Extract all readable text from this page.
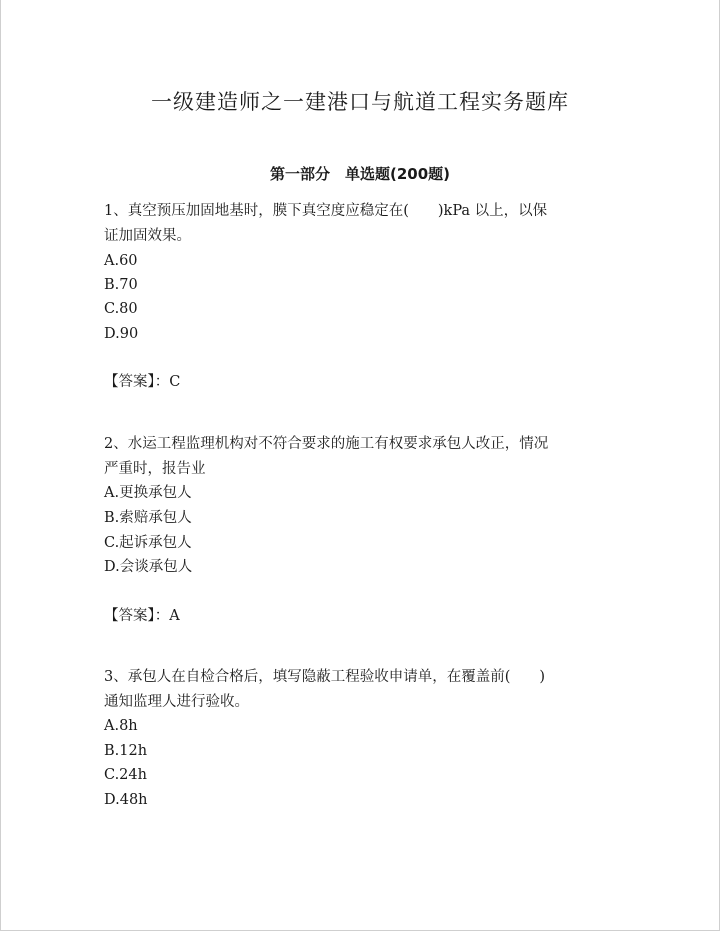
一级建造师之一建港口与航道工程实务题库
第一部分　单选题(200题)
1、真空预压加固地基时，膜下真空度应稳定在(　　)kPa 以上，以保
证加固效果。
A.60
B.70
C.80
D.90
【答案】：C
2、水运工程监理机构对不符合要求的施工有权要求承包人改正，情况
严重时，报告业
A.更换承包人
B.索赔承包人
C.起诉承包人
D.会谈承包人
【答案】：A
3、承包人在自检合格后，填写隐蔽工程验收申请单，在覆盖前(　　)
通知监理人进行验收。
A.8h
B.12h
C.24h
D.48h
